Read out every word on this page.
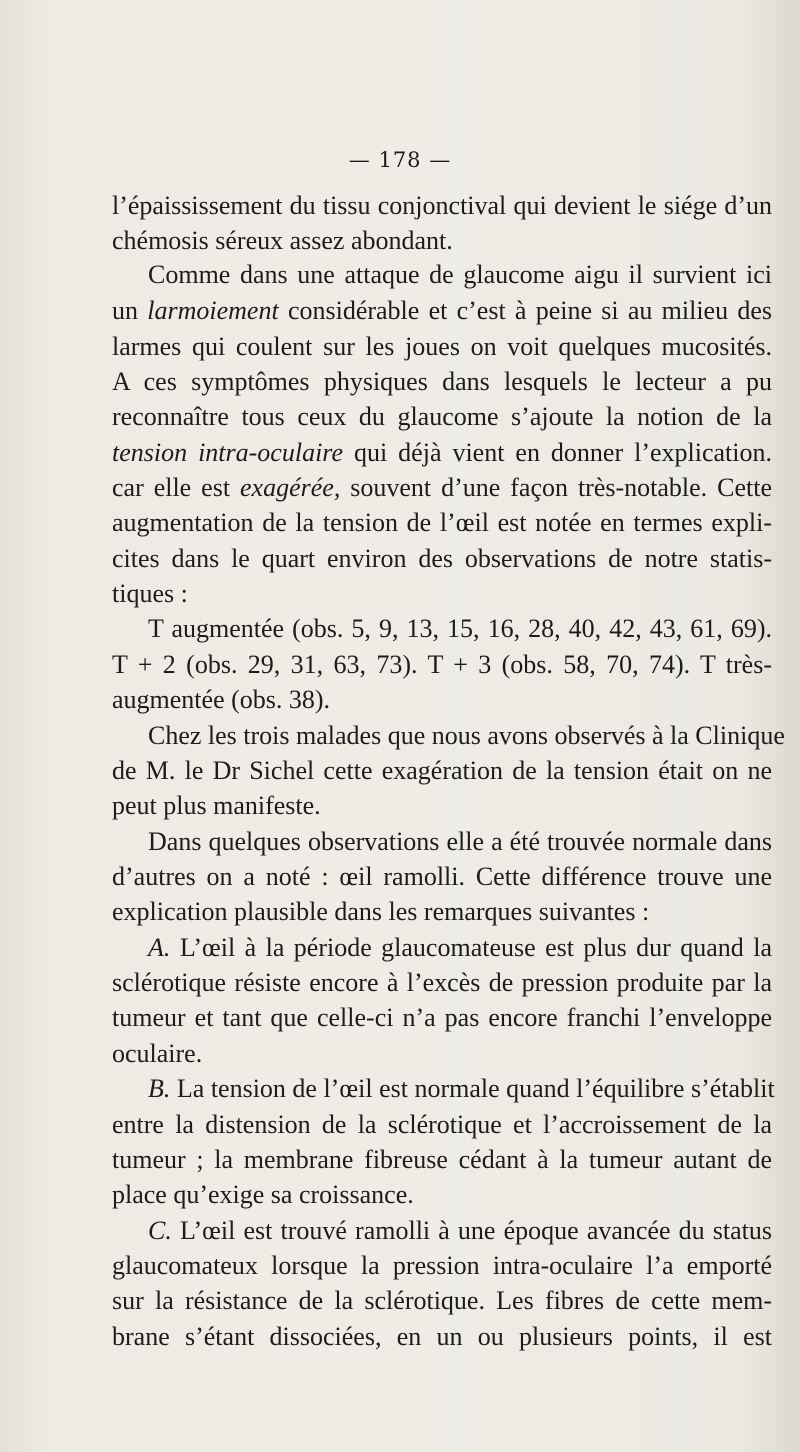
— 178 —
l’épaississement du tissu conjonctival qui devient le siége d’un
chémosis séreux assez abondant.
Comme dans une attaque de glaucome aigu il survient ici
un larmoiement considérable et c’est à peine si au milieu des
larmes qui coulent sur les joues on voit quelques mucosités.
A ces symptômes physiques dans lesquels le lecteur a pu
reconnaître tous ceux du glaucome s’ajoute la notion de la
tension intra-oculaire qui déjà vient en donner l’explication.
car elle est exagérée, souvent d’une façon très-notable. Cette
augmentation de la tension de l’œil est notée en termes expli-
cites dans le quart environ des observations de notre statis-
tiques :
T augmentée (obs. 5, 9, 13, 15, 16, 28, 40, 42, 43, 61, 69).
T + 2 (obs. 29, 31, 63, 73). T + 3 (obs. 58, 70, 74). T très-
augmentée (obs. 38).
Chez les trois malades que nous avons observés à la Clinique
de M. le Dr Sichel cette exagération de la tension était on ne
peut plus manifeste.
Dans quelques observations elle a été trouvée normale dans
d’autres on a noté : œil ramolli. Cette différence trouve une
explication plausible dans les remarques suivantes :
A. L’œil à la période glaucomateuse est plus dur quand la
sclérotique résiste encore à l’excès de pression produite par la
tumeur et tant que celle-ci n’a pas encore franchi l’enveloppe
oculaire.
B. La tension de l’œil est normale quand l’équilibre s’établit
entre la distension de la sclérotique et l’accroissement de la
tumeur ; la membrane fibreuse cédant à la tumeur autant de
place qu’exige sa croissance.
C. L’œil est trouvé ramolli à une époque avancée du status
glaucomateux lorsque la pression intra-oculaire l’a emporté
sur la résistance de la sclérotique. Les fibres de cette mem-
brane s’étant dissociées, en un ou plusieurs points, il est
